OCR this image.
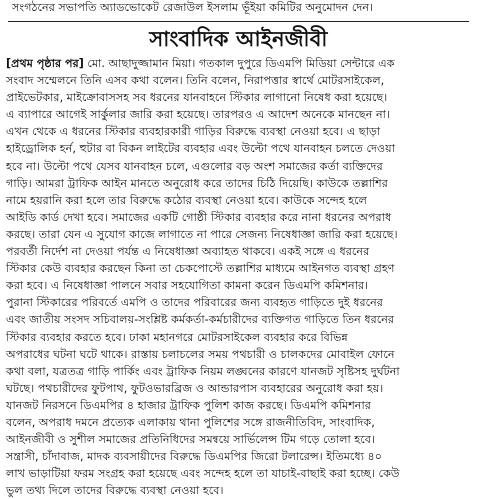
সংগঠনের সভাপতি অ্যাডভোকেট রেজাউল ইসলাম ভূঁইয়া কমিটির অনুমোদন দেন।
সাংবাদিক আইনজীবী
[প্রথম পৃষ্ঠার পর] মো. আছাদুজ্জামান মিয়া। গতকাল দুপুরে ডিএমপি মিডিয়া সেন্টারে এক
সংবাদ সম্মেলনে তিনি এসব কথা বলেন। তিনি বলেন, নিরাপত্তার স্বার্থে মোটরসাইকেল,
প্রাইভেটকার, মাইক্রোবাসসহ সব ধরনের যানবাহনে স্টিকার লাগানো নিষেধ করা হয়েছে।
এ ব্যাপারে আগেই সার্কুলার জারি করা হয়েছে। তারপরও এ আদেশ অনেকে মানছেন না।
এখন থেকে এ ধরনের স্টিকার ব্যবহারকারী গাড়ির বিরুদ্ধে ব্যবস্থা নেওয়া হবে। এ ছাড়া
হাইড্রোলিক হর্ন, হুটার বা বিকন লাইটের ব্যবহার এবং উল্টো পথে যানবাহন চলতে দেওয়া
হবে না। উল্টো পথে যেসব যানবাহন চলে, এগুলোর বড় অংশ সমাজের কর্তা ব্যক্তিদের
গাড়ি। আমরা ট্রাফিক আইন মানতে অনুরোধ করে তাদের চিঠি দিয়েছি। কাউকে তল্লাশির
নামে হয়রানি করা হলে তার বিরুদ্ধে কঠোর ব্যবস্থা নেওয়া হবে। কাউকে সন্দেহ হলে
আইডি কার্ড দেখা হবে। সমাজের একটি গোষ্ঠী স্টিকার ব্যবহার করে নানা ধরনের অপরাধ
করছে। তারা যেন এ সুযোগ কাজে লাগাতে না পারে সেজন্য নিষেধাজ্ঞা জারি করা হয়েছে।
পরবর্তী নির্দেশ না দেওয়া পর্যন্ত এ নিষেধাজ্ঞা অব্যাহত থাকবে। একই সঙ্গে এ ধরনের
স্টিকার কেউ ব্যবহার করছেন কিনা তা চেকপোস্টে তল্লাশির মাধ্যমে আইনগত ব্যবস্থা গ্রহণ
করা হবে। এ নিষেধাজ্ঞা পালনে সবার সহযোগিতা কামনা করেন ডিএমপি কমিশনার।
পুরানা স্টিকারের পরিবর্তে এমপি ও তাদের পরিবারের জন্য ব্যবহৃত গাড়িতে দুই ধরনের
এবং জাতীয় সংসদ সচিবালয়-সংশ্লিষ্ট কর্মকর্তা-কর্মচারীদের ব্যক্তিগত গাড়িতে তিন ধরনের
স্টিকার ব্যবহার করতে হবে। ঢাকা মহানগরে মোটরসাইকেল ব্যবহার করে বিভিন্ন
অপরাধের ঘটনা ঘটে থাকে। রাস্তায় চলাচলের সময় পথচারী ও চালকদের মোবাইল ফোনে
কথা বলা, যত্রতত্র গাড়ি পার্কিং এবং ট্রাফিক নিয়ম লঙ্ঘনের কারণে যানজট সৃষ্টিসহ দুর্ঘটনা
ঘটছে। পথচারীদের ফুটপাথ, ফুটওভারব্রিজ ও আন্ডারপাস ব্যবহারের অনুরোধ করা হয়।
যানজট নিরসনে ডিএমপির ৪ হাজার ট্রাফিক পুলিশ কাজ করছে। ডিএমপি কমিশনার
বলেন, অপরাধ দমনে প্রত্যেক এলাকায় থানা পুলিশের সঙ্গে রাজনীতিবিদ, সাংবাদিক,
আইনজীবী ও সুশীল সমাজের প্রতিনিধিদের সমন্বয়ে সার্ভিলেন্স টিম গড়ে তোলা হবে।
সন্ত্রাসী, চাঁদাবাজ, মাদক ব্যবসায়ীদের বিরুদ্ধে ডিএমপির জিরো টলারেন্স। ইতিমধ্যে ৪০
লাখ ভাড়াটিয়া ফরম সংগ্রহ করা হয়েছে এবং সন্দেহ হলে তা যাচাই-বাছাই করা হচ্ছে। কেউ
ভুল তথ্য দিলে তাদের বিরুদ্ধে ব্যবস্থা নেওয়া হবে।
